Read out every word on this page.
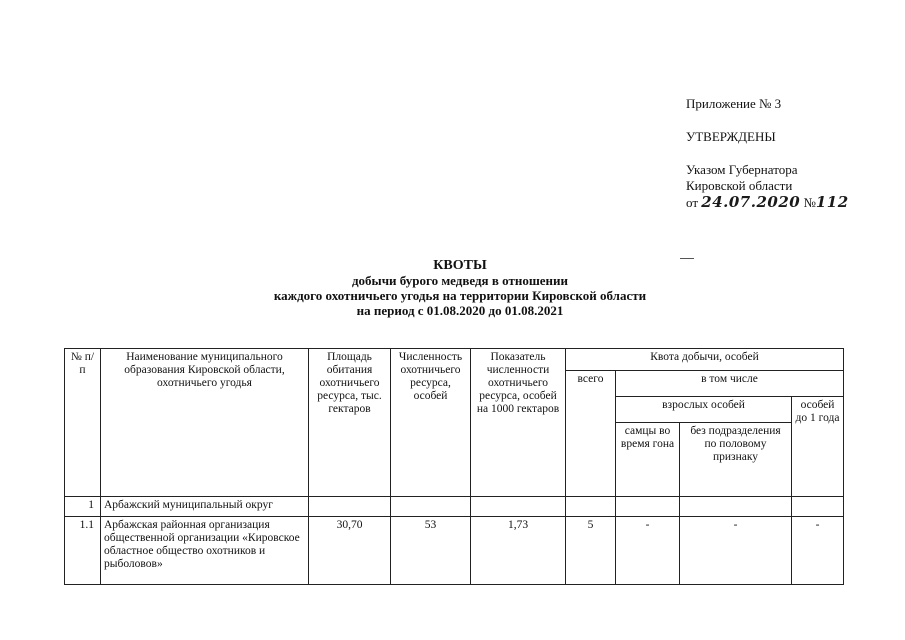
Приложение № 3
УТВЕРЖДЕНЫ
Указом Губернатора
Кировской области
от 24.07.2020 №112
КВОТЫ
добычи бурого медведя в отношении
каждого охотничьего угодья на территории Кировской области
на период с 01.08.2020 до 01.08.2021
№ п/п	Наименование муниципального образования Кировской области, охотничьего угодья	Площадь обитания охотничьего ресурса, тыс. гектаров	Численность охотничьего ресурса, особей	Показатель численности охотничьего ресурса, особей на 1000 гектаров	Квота добычи, особей			
					всего	в том числе		
						взрослых особей		особей до 1 года
						самцы во время гона	без подразделения по половому признаку	
1	Арбажский муниципальный округ							
1.1	Арбажская районная организация общественной организации «Кировское областное общество охотников и рыболовов»	30,70	53	1,73	5	-	-	-
